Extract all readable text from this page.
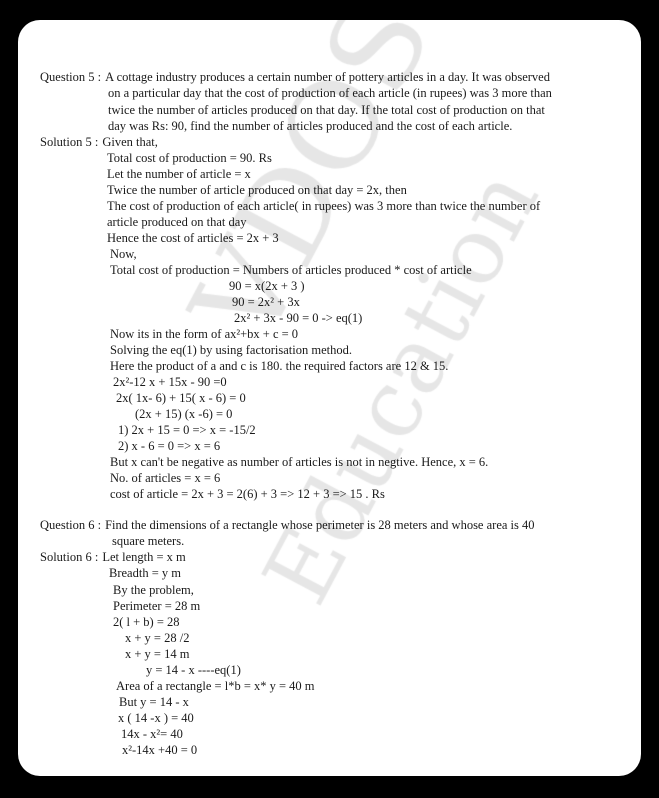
Question 5 : A cottage industry produces a certain number of pottery articles in a day. It was observed
on a particular day that the cost of production of each article (in rupees) was 3 more than
twice the number of articles produced on that day. If the total cost of production on that
day was Rs: 90, find the number of articles produced and the cost of each article.
Solution 5 : Given that,
Total cost of production = 90. Rs
Let the number of article = x
Twice the number of article produced on that day = 2x, then
The cost of production of each article( in rupees) was 3 more than twice the number of
article produced on that day
Hence the cost of articles = 2x + 3
Now,
Total cost of production = Numbers of articles produced * cost of article
90 = x(2x + 3 )
90 = 2x² + 3x
2x² + 3x - 90 = 0 -> eq(1)
Now its in the form of ax²+bx + c = 0
Solving the eq(1) by using factorisation method.
Here the product of a and c is 180. the required factors are 12 & 15.
2x²-12 x + 15x - 90 =0
2x( 1x- 6) + 15( x - 6) = 0
(2x + 15) (x -6) = 0
1) 2x + 15 = 0 => x = -15/2
2) x - 6 = 0 => x = 6
But x can't be negative as number of articles is not in negtive. Hence, x = 6.
No. of articles = x = 6
cost of article = 2x + 3 = 2(6) + 3 => 12 + 3 => 15 . Rs
Question 6 : Find the dimensions of a rectangle whose perimeter is 28 meters and whose area is 40
square meters.
Solution 6 : Let length = x m
Breadth = y m
By the problem,
Perimeter = 28 m
2( l + b) = 28
x + y = 28 /2
x + y = 14 m
y = 14 - x ----eq(1)
Area of a rectangle = l*b = x* y = 40 m
But y = 14 - x
x ( 14 -x ) = 40
14x - x²= 40
x²-14x +40 = 0
